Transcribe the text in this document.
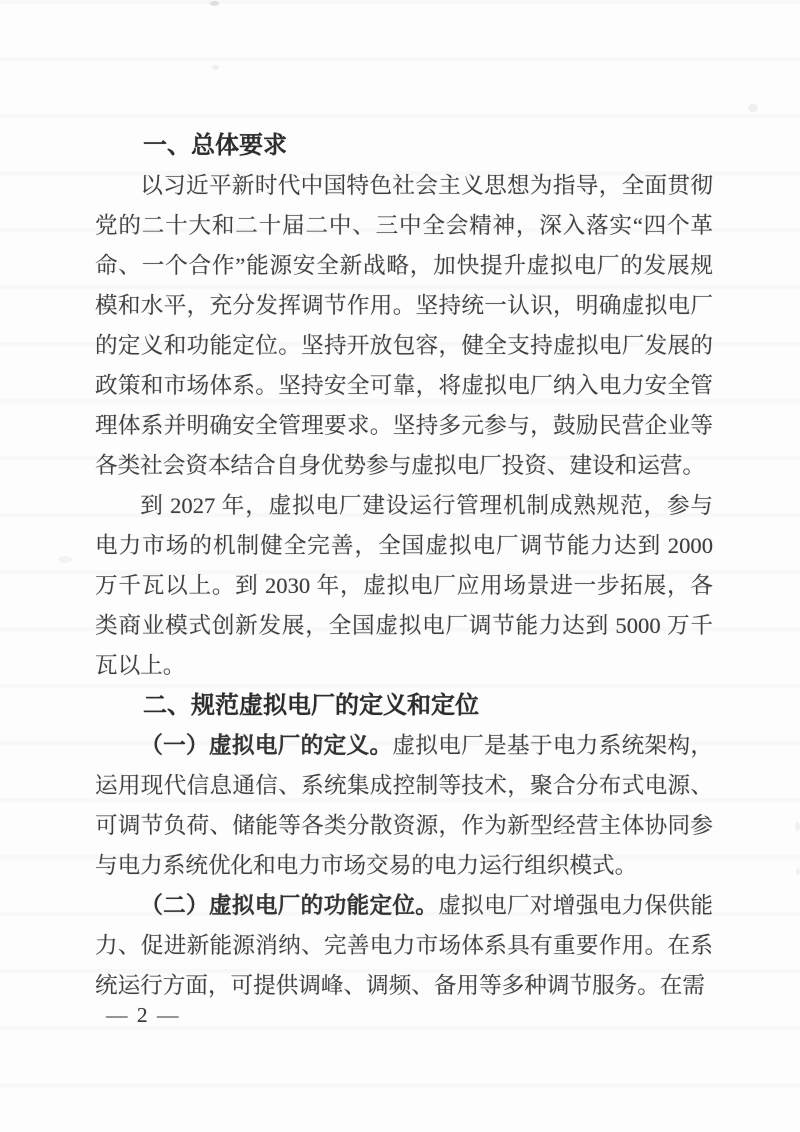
一、总体要求

以习近平新时代中国特色社会主义思想为指导，全面贯彻党的二十大和二十届二中、三中全会精神，深入落实“四个革命、一个合作”能源安全新战略，加快提升虚拟电厂的发展规模和水平，充分发挥调节作用。坚持统一认识，明确虚拟电厂的定义和功能定位。坚持开放包容，健全支持虚拟电厂发展的政策和市场体系。坚持安全可靠，将虚拟电厂纳入电力安全管理体系并明确安全管理要求。坚持多元参与，鼓励民营企业等各类社会资本结合自身优势参与虚拟电厂投资、建设和运营。

到 2027 年，虚拟电厂建设运行管理机制成熟规范，参与电力市场的机制健全完善，全国虚拟电厂调节能力达到 2000 万千瓦以上。到 2030 年，虚拟电厂应用场景进一步拓展，各类商业模式创新发展，全国虚拟电厂调节能力达到 5000 万千瓦以上。

二、规范虚拟电厂的定义和定位

（一）虚拟电厂的定义。虚拟电厂是基于电力系统架构，运用现代信息通信、系统集成控制等技术，聚合分布式电源、可调节负荷、储能等各类分散资源，作为新型经营主体协同参与电力系统优化和电力市场交易的电力运行组织模式。

（二）虚拟电厂的功能定位。虚拟电厂对增强电力保供能力、促进新能源消纳、完善电力市场体系具有重要作用。在系统运行方面，可提供调峰、调频、备用等多种调节服务。在需

— 2 —
